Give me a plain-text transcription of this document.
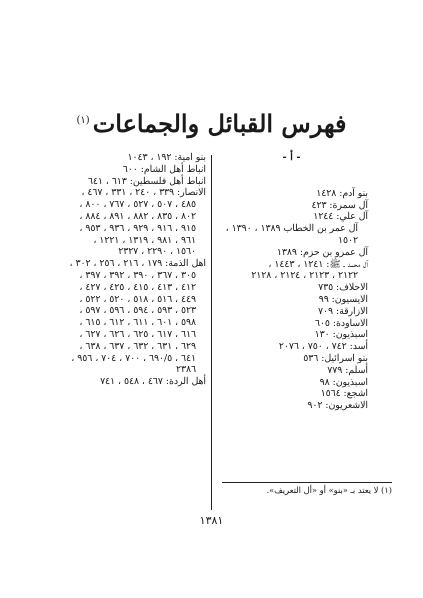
فهرس القبائل والجماعات$^{(١)}$
- أ -
بنو آدم: ١٤٢٨
آل سمرة: ٤٢٣
آل علي: ١٢٤٤
آل عمر بن الخطاب ١٣٨٩ ، ١٣٩٠ ،
١٥٠٢
آل عمرو بن حزم: ١٣٨٩
آل محمد ـ ﷺ: ١٢٤١ ، ١٤٤٣ ،
٢١٢٢ ، ٢١٢٣ ، ٢١٢٤ ، ٢١٢٨
الاحلاف: ٧٣٥
الايسيون: ٩٩
الازارقة: ٧٠٩
الاساودة: ٦٠٥
اسبذيون: ١٣٠
أسد: ٧٤٢ ، ٧٥٠ ، ٢٠٧٦
بنو اسرائيل: ٥٣٦
أسلم: ٧٧٩
اسبذيون: ٩٨
اشجع: ١٥٦٤
الاشعريون: ٩٠٢
بنو امية: ١٩٢ ، ١٠٤٣
انباط أهل الشام: ٦٠٠
انباط أهل فلسطين: ٦١٣ ، ٦٤١
الانصار: ٣٣٩ ، ٢٤٠ ، ٣٣١ ، ٤٦٧ ،
٤٨٥ ، ٥٠٧ ، ٥٢٧ ، ٧٦٧ ، ٨٠٠ ،
٨٠٢ ، ٨٣٥ ، ٨٨٢ ، ٨٩١ ، ٨٨٤ ،
٩١٥ ، ٩١٦ ، ٩٢٩ ، ٩٣٦ ، ٩٥٣ ،
٩٦١ ، ٩٨١ ، ١٣١٩ ، ١٢٢١ ،
١٥٦٠ ، ٢٢٩٠ ، ٢٣٢٧
اهل الذمة: ١٧٩ ، ٢١٦ ، ٢٥٦ ، ٣٠٢ ،
٣٠٥ ، ٣٦٧ ، ٣٩٠ ، ٣٩٢ ، ٣٩٧ ،
٤١٢ ، ٤١٣ ، ٤١٥ ، ٤٢٥ ، ٤٢٧ ،
٤٤٩ ، ٥١٦ ، ٥١٨ ، ٥٢٠ ، ٥٢٢ ،
٥٢٣ ، ٥٩٣ ، ٥٩٤ ، ٥٩٦ ، ٥٩٧ ،
٥٩٨ ، ٦٠١ ، ٦١١ ، ٦١٢ ، ٦١٥ ،
٦١٦ ، ٦١٧ ، ٦٢٥ ، ٦٢٦ ، ٦٢٧ ،
٦٢٩ ، ٦٣١ ، ٦٣٢ ، ٦٣٧ ، ٦٣٨ ،
٦٤١ ، ٦٩٠/٥ ، ٧٠٠ ، ٧٠٤ ، ٩٥٦ ،
٢٣٨٦
أهل الردة: ٤٦٧ ، ٥٤٨ ، ٧٤١
(١) لا يعتد بـ «بنو» أو «أل التعريف».
١٣٨١
